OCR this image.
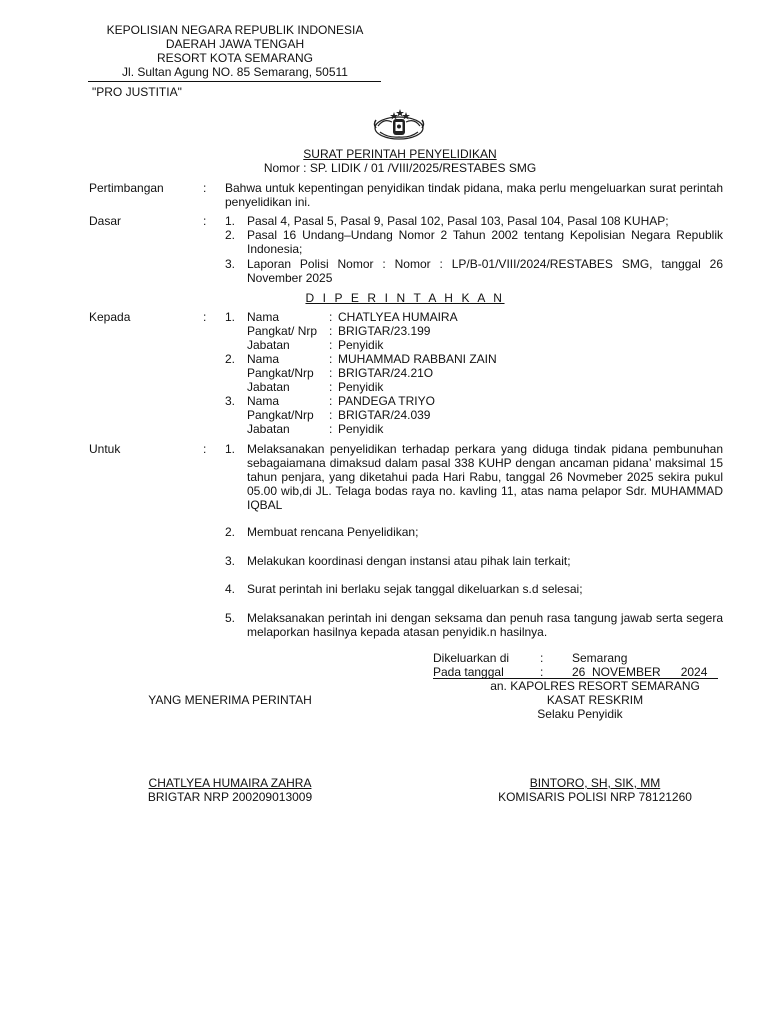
KEPOLISIAN NEGARA REPUBLIK INDONESIA
DAERAH JAWA TENGAH
RESORT KOTA SEMARANG
Jl. Sultan Agung NO. 85 Semarang, 50511
"PRO JUSTITIA"
SURAT PERINTAH PENYELIDIKAN
Nomor : SP. LIDIK / 01 /VIII/2025/RESTABES SMG
Pertimbangan	: Bahwa untuk kepentingan penyidikan tindak pidana, maka perlu mengeluarkan surat perintah penyelidikan ini.
Dasar	: 1. Pasal 4, Pasal 5, Pasal 9, Pasal 102, Pasal 103, Pasal 104, Pasal 108 KUHAP;
2. Pasal 16 Undang–Undang Nomor 2 Tahun 2002 tentang Kepolisian Negara Republik Indonesia;
3. Laporan Polisi Nomor : Nomor : LP/B-01/VIII/2024/RESTABES SMG, tanggal 26 November 2025
D I P E R I N T A H K A N
Kepada	: 1. Nama	: CHATLYEA HUMAIRA
Pangkat/ Nrp : BRIGTAR/23.199
Jabatan	: Penyidik
2. Nama	: MUHAMMAD RABBANI ZAIN
Pangkat/Nrp : BRIGTAR/24.21O
Jabatan	: Penyidik
3. Nama	: PANDEGA TRIYO
Pangkat/Nrp : BRIGTAR/24.039
Jabatan	: Penyidik
Untuk	: 1. Melaksanakan penyelidikan terhadap perkara yang diduga tindak pidana pembunuhan sebagaiamana dimaksud dalam pasal 338 KUHP dengan ancaman pidana’ maksimal 15 tahun penjara, yang diketahui pada Hari Rabu, tanggal 26 Novmeber 2025 sekira pukul 05.00 wib,di JL. Telaga bodas raya no. kavling 11, atas nama pelapor Sdr. MUHAMMAD IQBAL
2. Membuat rencana Penyelidikan;
3. Melakukan koordinasi dengan instansi atau pihak lain terkait;
4. Surat perintah ini berlaku sejak tanggal dikeluarkan s.d selesai;
5. Melaksanakan perintah ini dengan seksama dan penuh rasa tangung jawab serta segera melaporkan hasilnya kepada atasan penyidik.n hasilnya.
Dikeluarkan di	: Semarang
Pada tanggal	: 26  NOVEMBER      2024
an. KAPOLRES RESORT SEMARANG
KASAT RESKRIM
Selaku Penyidik
YANG MENERIMA PERINTAH
CHATLYEA HUMAIRA ZAHRA
BRIGTAR NRP 200209013009
BINTORO, SH, SIK, MM
KOMISARIS POLISI NRP 78121260
